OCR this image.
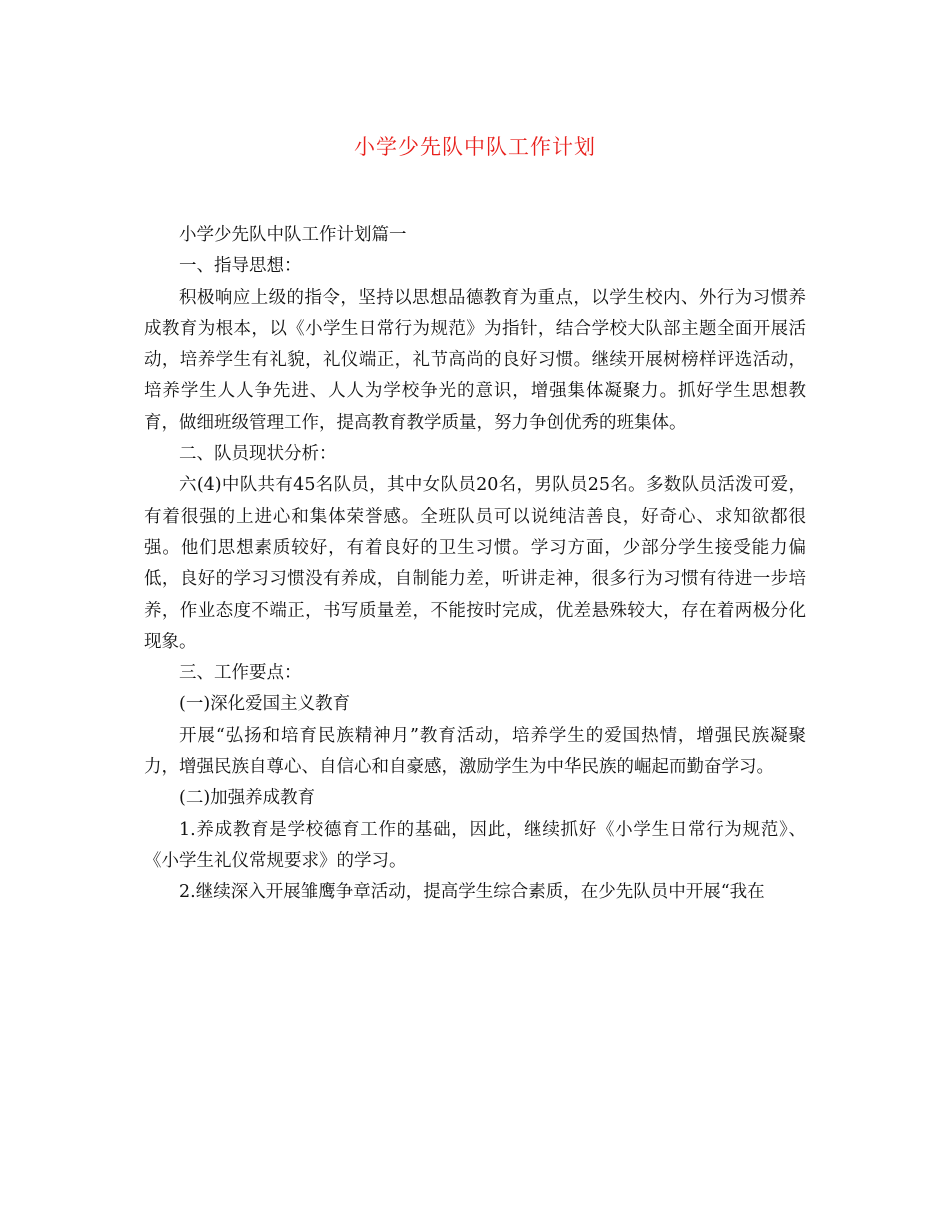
小学少先队中队工作计划

小学少先队中队工作计划篇一

一、指导思想：

积极响应上级的指令，坚持以思想品德教育为重点，以学生校内、外行为习惯养成教育为根本，以《小学生日常行为规范》为指针，结合学校大队部主题全面开展活动，培养学生有礼貌，礼仪端正，礼节高尚的良好习惯。继续开展树榜样评选活动，培养学生人人争先进、人人为学校争光的意识，增强集体凝聚力。抓好学生思想教育，做细班级管理工作，提高教育教学质量，努力争创优秀的班集体。

二、队员现状分析：

六(4)中队共有45名队员，其中女队员20名，男队员25名。多数队员活泼可爱，有着很强的上进心和集体荣誉感。全班队员可以说纯洁善良，好奇心、求知欲都很强。他们思想素质较好，有着良好的卫生习惯。学习方面，少部分学生接受能力偏低，良好的学习习惯没有养成，自制能力差，听讲走神，很多行为习惯有待进一步培养，作业态度不端正，书写质量差，不能按时完成，优差悬殊较大，存在着两极分化现象。

三、工作要点：

(一)深化爱国主义教育

开展“弘扬和培育民族精神月”教育活动，培养学生的爱国热情，增强民族凝聚力，增强民族自尊心、自信心和自豪感，激励学生为中华民族的崛起而勤奋学习。

(二)加强养成教育

1.养成教育是学校德育工作的基础，因此，继续抓好《小学生日常行为规范》、《小学生礼仪常规要求》的学习。

2.继续深入开展雏鹰争章活动，提高学生综合素质，在少先队员中开展“我在
